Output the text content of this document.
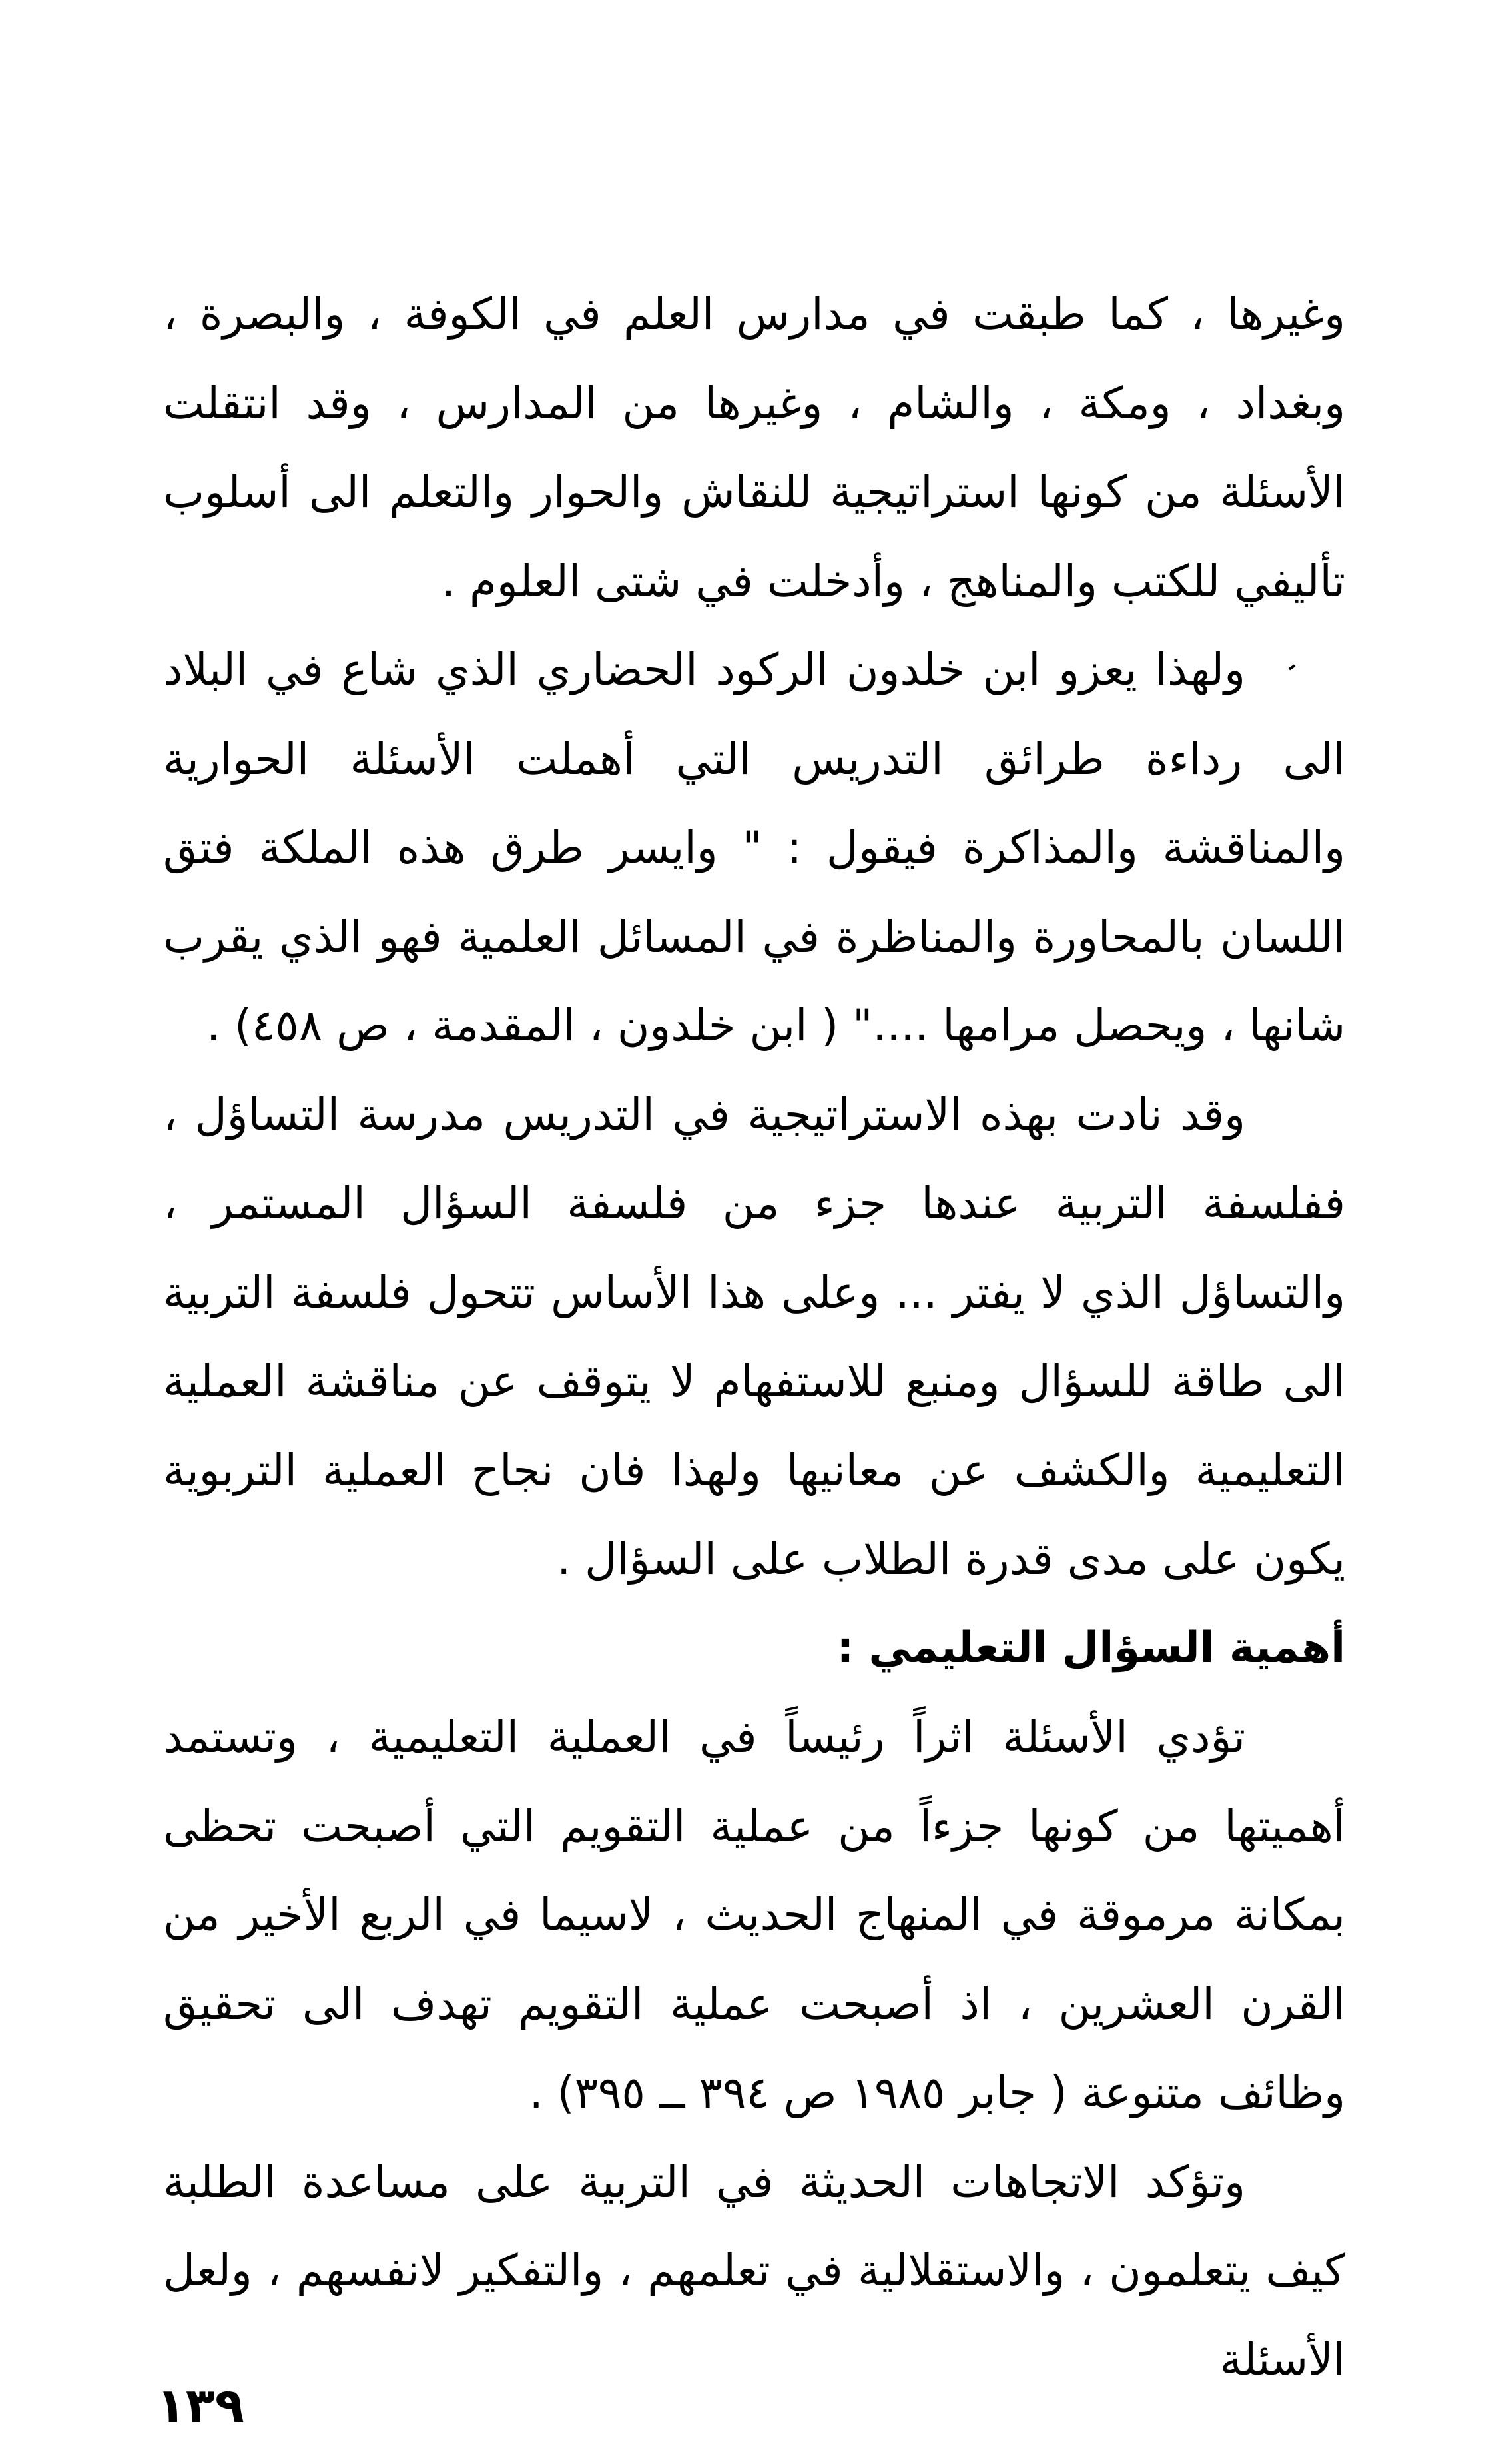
وغيرها ، كما طبقت في مدارس العلم في الكوفة ، والبصرة ، وبغداد ، ومكة ، والشام ، وغيرها من المدارس ، وقد انتقلت الأسئلة من كونها استراتيجية للنقاش والحوار والتعلم الى أسلوب تأليفي للكتب والمناهج ، وأدخلت في شتى العلوم .

ولهذا يعزو ابن خلدون الركود الحضاري الذي شاع في البلاد الى رداءة طرائق التدريس التي أهملت الأسئلة الحوارية والمناقشة والمذاكرة فيقول : " وايسر طرق هذه الملكة فتق اللسان بالمحاورة والمناظرة في المسائل العلمية فهو الذي يقرب شانها ، ويحصل مرامها ...." ( ابن خلدون ، المقدمة ، ص ٤٥٨) .

وقد نادت بهذه الاستراتيجية في التدريس مدرسة التساؤل ، ففلسفة التربية عندها جزء من فلسفة السؤال المستمر ، والتساؤل الذي لا يفتر ... وعلى هذا الأساس تتحول فلسفة التربية الى طاقة للسؤال ومنبع للاستفهام لا يتوقف عن مناقشة العملية التعليمية والكشف عن معانيها ولهذا فان نجاح العملية التربوية يكون على مدى قدرة الطلاب على السؤال .

أهمية السؤال التعليمي :

تؤدي الأسئلة اثراً رئيساً في العملية التعليمية ، وتستمد أهميتها من كونها جزءاً من عملية التقويم التي أصبحت تحظى بمكانة مرموقة في المنهاج الحديث ، لاسيما في الربع الأخير من القرن العشرين ، اذ أصبحت عملية التقويم تهدف الى تحقيق وظائف متنوعة ( جابر ١٩٨٥ ص ٣٩٤ ــ ٣٩٥) .

وتؤكد الاتجاهات الحديثة في التربية على مساعدة الطلبة كيف يتعلمون ، والاستقلالية في تعلمهم ، والتفكير لانفسهم ، ولعل الأسئلة

١٣٩
